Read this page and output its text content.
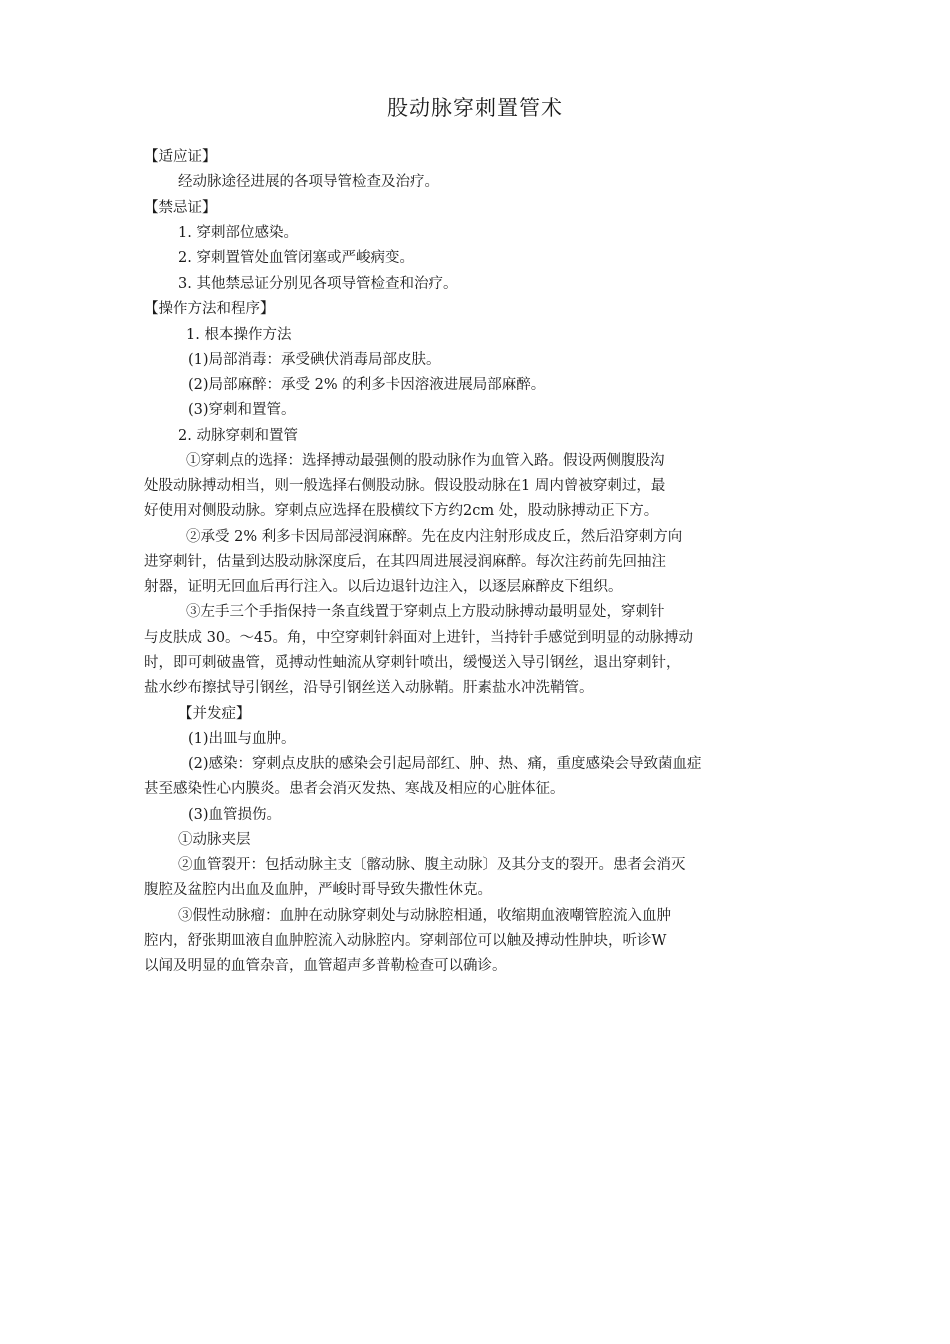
股动脉穿刺置管术
【适应证】
经动脉途径进展的各项导管检查及治疗。
【禁忌证】
1. 穿刺部位感染。
2. 穿刺置管处血管闭塞或严峻病变。
3. 其他禁忌证分别见各项导管检查和治疗。
【操作方法和程序】
1. 根本操作方法
(1)局部消毒：承受碘伏消毒局部皮肤。
(2)局部麻醉：承受 2% 的利多卡因溶液进展局部麻醉。
(3)穿刺和置管。
2. 动脉穿刺和置管
①穿刺点的选择：选择搏动最强侧的股动脉作为血管入路。假设两侧腹股沟
处股动脉搏动相当，则一般选择右侧股动脉。假设股动脉在1 周内曾被穿刺过，最
好使用对侧股动脉。穿刺点应选择在股横纹下方约2cm 处，股动脉搏动正下方。
②承受 2% 利多卡因局部浸润麻醉。先在皮内注射形成皮丘，然后沿穿刺方向
进穿刺针，估量到达股动脉深度后，在其四周进展浸润麻醉。每次注药前先回抽注
射器，证明无回血后再行注入。以后边退针边注入，以逐层麻醉皮下组织。
③左手三个手指保持一条直线置于穿刺点上方股动脉搏动最明显处，穿刺针
与皮肤成 30。～45。角，中空穿刺针斜面对上进针，当持针手感觉到明显的动脉搏动
时，即可刺破蛊管，觅搏动性蚰流从穿刺针喷出，缓慢送入导引钢丝，退出穿刺针，
盐水纱布擦拭导引钢丝，沿导引钢丝送入动脉鞘。肝素盐水冲洗鞘管。
【并发症】
(1)出皿与血肿。
(2)感染：穿刺点皮肤的感染会引起局部红、肿、热、痛，重度感染会导致菌血症
甚至感染性心内膜炎。患者会消灭发热、寒战及相应的心脏体征。
(3)血管损伤。
①动脉夹层
②血管裂开：包括动脉主支〔髂动脉、腹主动脉〕及其分支的裂开。患者会消灭
腹腔及盆腔内出血及血肿，严峻时哥导致失撒性休克。
③假性动脉瘤：血肿在动脉穿刺处与动脉腔相通，收缩期血液嘲管腔流入血肿
腔内，舒张期皿液自血肿腔流入动脉腔内。穿刺部位可以触及搏动性肿块，听诊W
以闻及明显的血管杂音，血管超声多普勒检查可以确诊。
